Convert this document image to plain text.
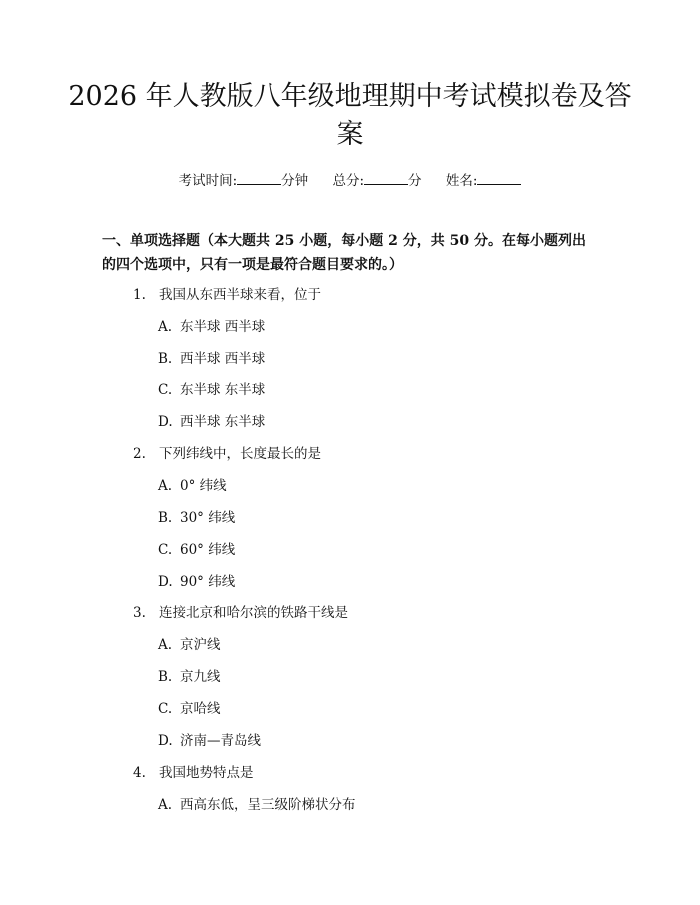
2026 年人教版八年级地理期中考试模拟卷及答案
考试时间:	分钟 总分:	分 姓名:

一、单项选择题（本大题共 25 小题，每小题 2 分，共 50 分。在每小题列出的四个选项中，只有一项是最符合题目要求的。）

1. 我国从东西半球来看，位于
A. 东半球 西半球
B. 西半球 西半球
C. 东半球 东半球
D. 西半球 东半球
2. 下列纬线中，长度最长的是
A. 0° 纬线
B. 30° 纬线
C. 60° 纬线
D. 90° 纬线
3. 连接北京和哈尔滨的铁路干线是
A. 京沪线
B. 京九线
C. 京哈线
D. 济南—青岛线
4. 我国地势特点是
A. 西高东低，呈三级阶梯状分布
